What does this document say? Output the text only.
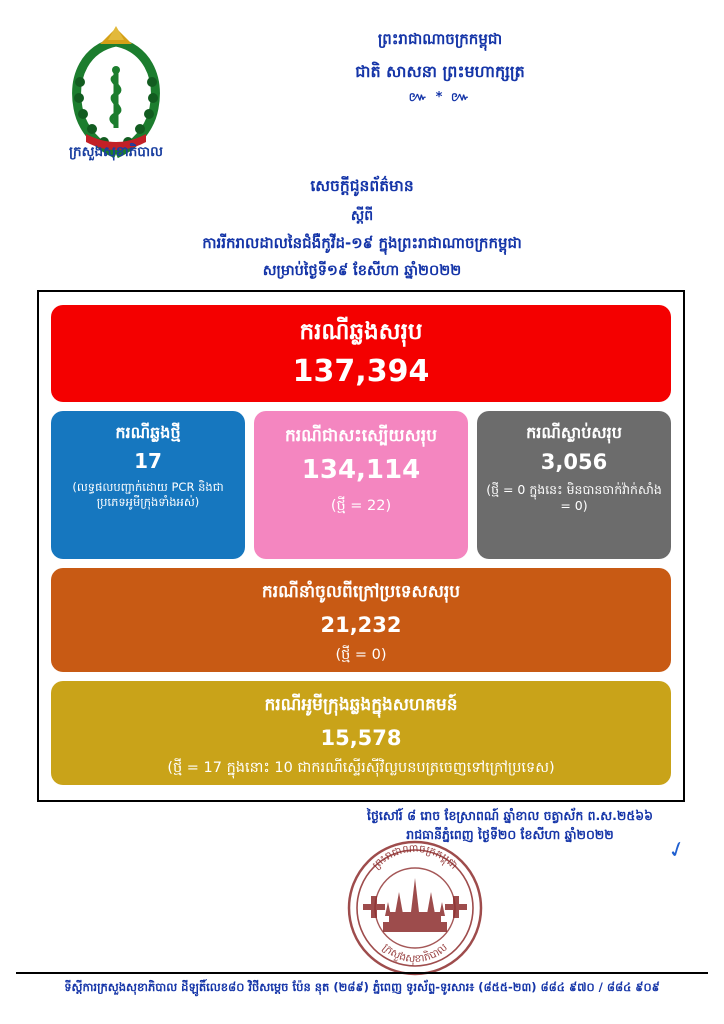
ក្រសួងសុខាភិបាល
ព្រះរាជាណាចក្រកម្ពុជា
ជាតិ សាសនា ព្រះមហាក្សត្រ
៚ * ៚
សេចក្តីជូនព័ត៌មាន
ស្តីពី
ការរីករាលដាលនៃជំងឺកូវីដ-១៩ ក្នុងព្រះរាជាណាចក្រកម្ពុជា
សម្រាប់ថ្ងៃទី១៩ ខែសីហា ឆ្នាំ២០២២
ករណីឆ្លងសរុប
137,394
ករណីឆ្លងថ្មី
17
(លទ្ធផលបញ្ជាក់ដោយ PCR និងជាប្រភេទអូមីក្រុងទាំងអស់)
ករណីជាសះស្បើយសរុប
134,114
(ថ្មី = 22)
ករណីស្លាប់សរុប
3,056
(ថ្មី = 0 ក្នុងនេះ មិនបានចាក់វ៉ាក់សាំង = 0)
ករណីនាំចូលពីក្រៅប្រទេសសរុប
21,232
(ថ្មី = 0)
ករណីអូមីក្រុងឆ្លងក្នុងសហគមន៍
15,578
(ថ្មី = 17 ក្នុងនោះ 10 ជាករណីស្ទើរសុីវិល្លបនបត្រចេញទៅក្រៅប្រទេស)
ថ្ងៃសៅរ៍ ៨ រោច ខែស្រាពណ៍ ឆ្នាំខាល ចត្វាស័ក ព.ស.២៥៦៦
រាជធានីភ្នំពេញ ថ្ងៃទី២០ ខែសីហា ឆ្នាំ២០២២
ព្រះរាជាណាចក្រកម្ពុជា
ក្រសួងសុខាភិបាល
✓
ទីស្តីការក្រសួងសុខាភិបាល ដីឡូតិ៍លេខ៨០ វិថីសម្តេច ប៉ែន នុត (២៨៩) ភ្នំពេញ ទូរស័ព្ទ-ទូរសារ៖ (៨៥៥-២៣) ៨៨៤ ៩៧០ / ៨៨៤ ៩០៩
